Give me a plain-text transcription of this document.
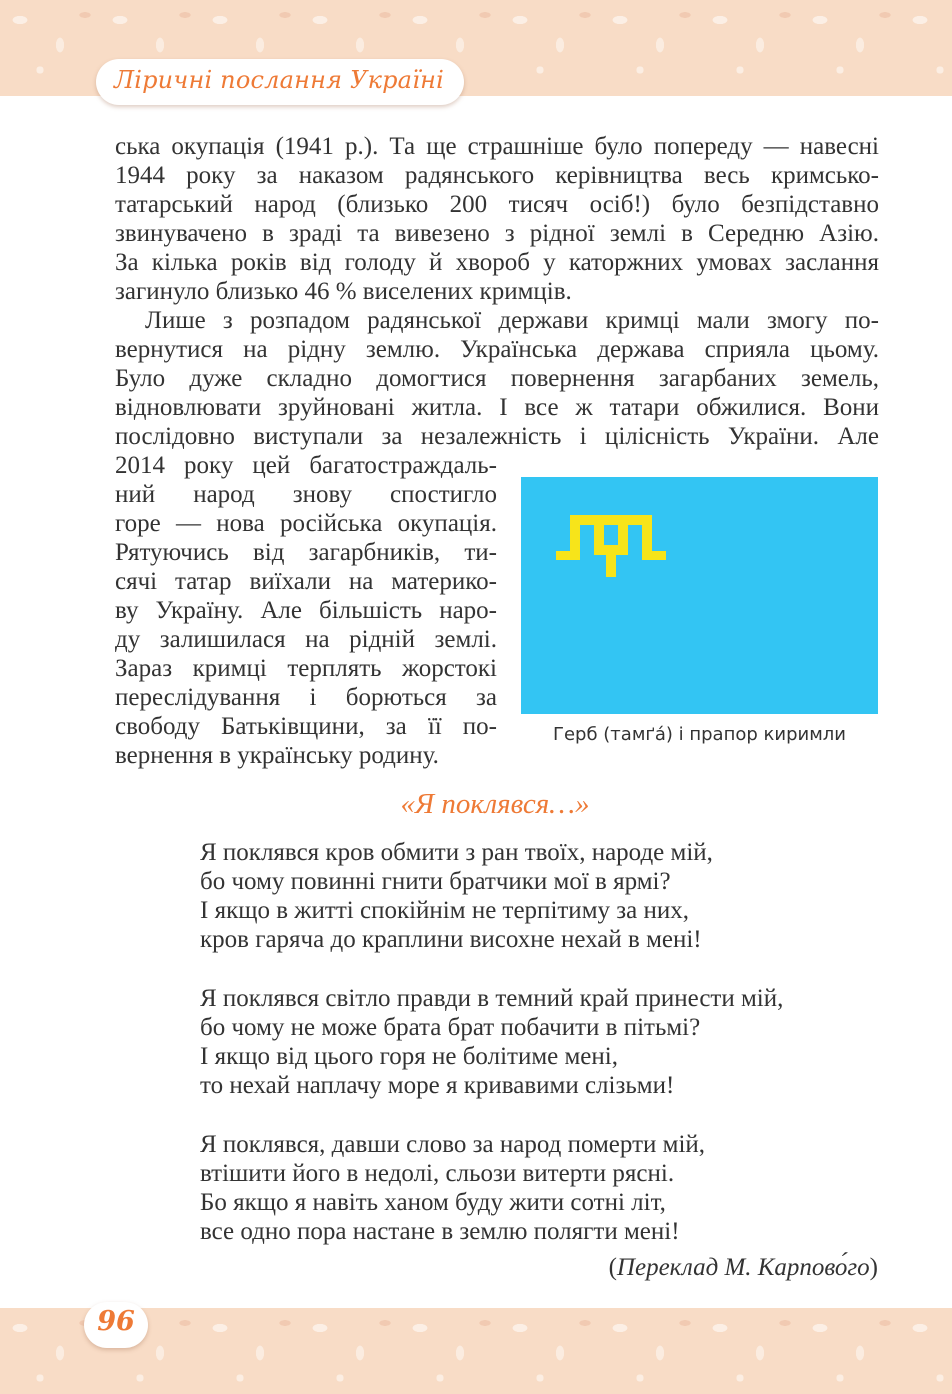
Ліричні послання Україні

ська окупація (1941 р.). Та ще страшніше було попереду — навесні
1944 року за наказом радянського керівництва весь кримсько-
татарський народ (близько 200 тисяч осіб!) було безпідставно
звинувачено в зраді та вивезено з рідної землі в Середню Азію.
За кілька років від голоду й хвороб у каторжних умовах заслання
загинуло близько 46 % виселених кримців.

Лише з розпадом радянської держави кримці мали змогу по-
вернутися на рідну землю. Українська держава сприяла цьому.
Було дуже складно домогтися повернення загарбаних земель,
відновлювати зруйновані житла. І все ж татари обжилися. Вони
послідовно виступали за незалежність і цілісність України. Але

2014 року цей багатостраждаль-
ний народ знову спостигло
горе — нова російська окупація.
Рятуючись від загарбників, ти-
сячі татар виїхали на материко-
ву Україну. Але більшість наро-
ду залишилася на рідній землі.
Зараз кримці терплять жорстокі
переслідування і борються за
свободу Батьківщини, за її по-
вернення в українську родину.

Герб (тамґа́) і прапор киримли
«Я поклявся…»

Я поклявся кров обмити з ран твоїх, народе мій,
бо чому повинні гнити братчики мої в ярмі?
І якщо в житті спокійнім не терпітиму за них,
кров гаряча до краплини висохне нехай в мені!

Я поклявся світло правди в темний край принести мій,
бо чому не може брата брат побачити в пітьмі?
І якщо від цього горя не болітиме мені,
то нехай наплачу море я кривавими слізьми!

Я поклявся, давши слово за народ померти мій,
втішити його в недолі, сльози витерти рясні.
Бо якщо я навіть ханом буду жити сотні літ,
все одно пора настане в землю полягти мені!

(Переклад М. Карпово́го)
96
